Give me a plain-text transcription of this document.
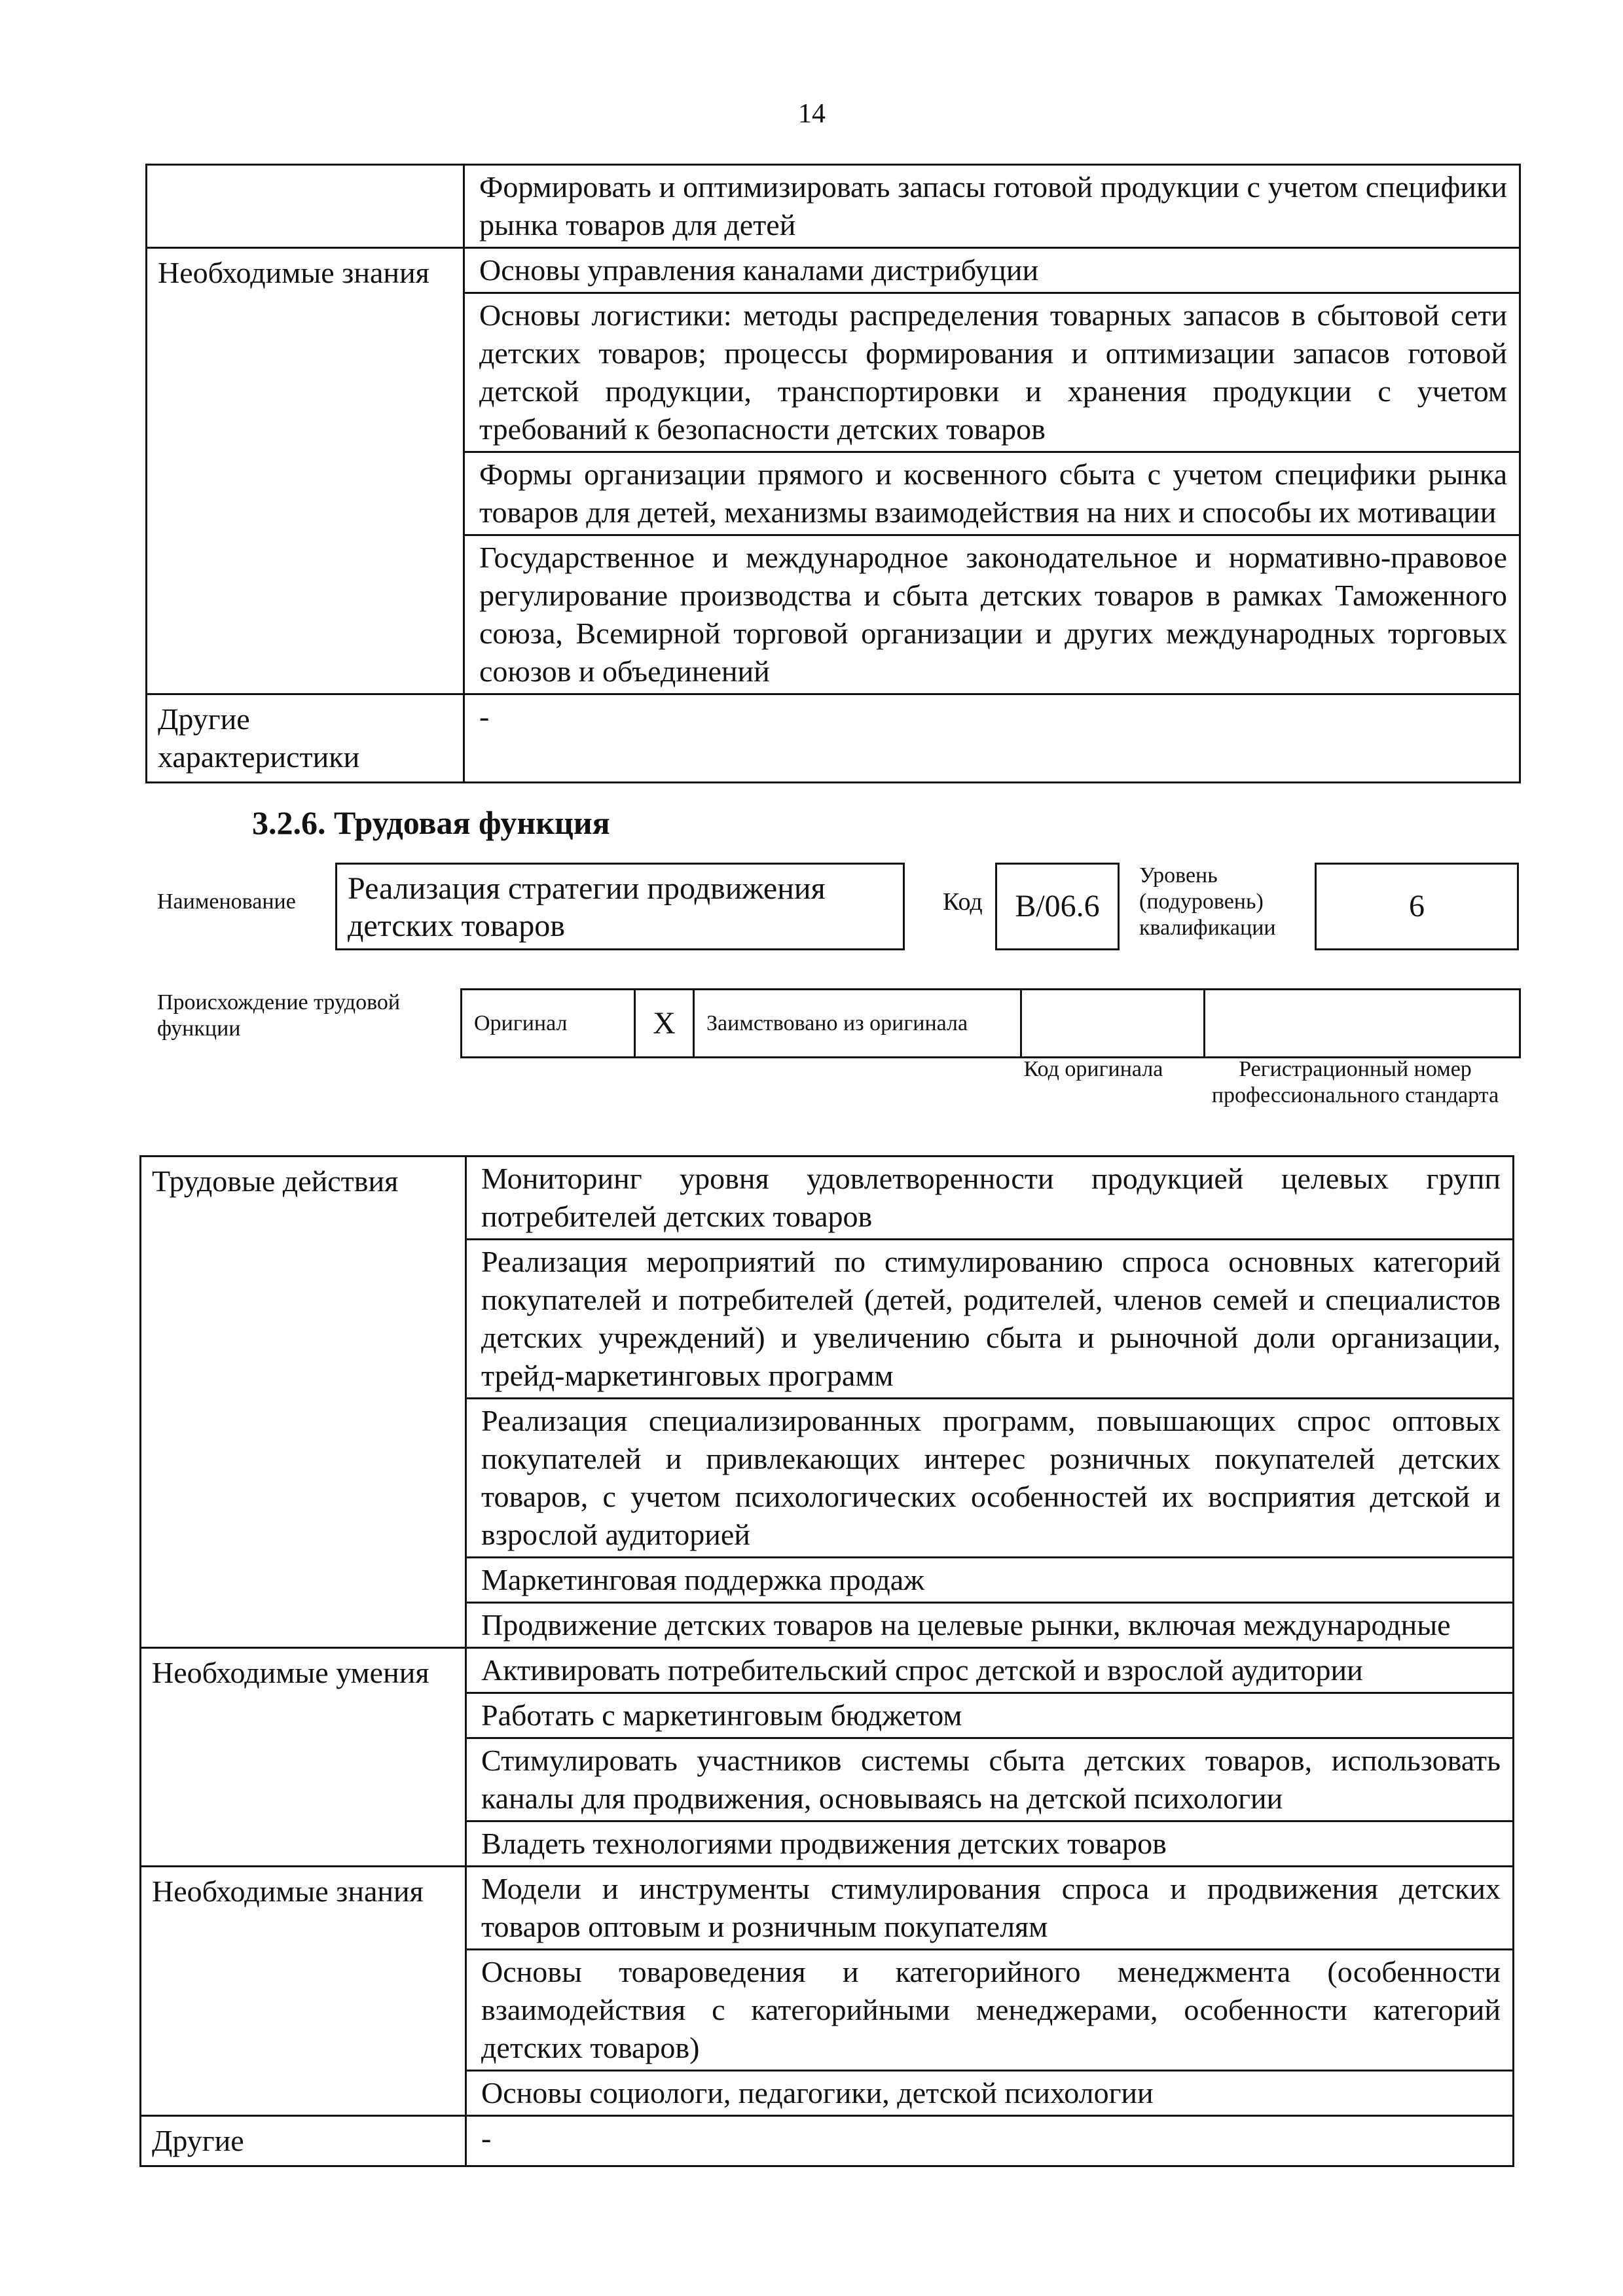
14
	Формировать и оптимизировать запасы готовой продукции с учетом специфики рынка товаров для детей
Необходимые знания	Основы управления каналами дистрибуции
	Основы логистики: методы распределения товарных запасов в сбытовой сети детских товаров; процессы формирования и оптимизации запасов готовой детской продукции, транспортировки и хранения продукции с учетом требований к безопасности детских товаров
	Формы организации прямого и косвенного сбыта с учетом специфики рынка товаров для детей, механизмы взаимодействия на них и способы их мотивации
	Государственное и международное законодательное и нормативно-правовое регулирование производства и сбыта детских товаров в рамках Таможенного союза, Всемирной торговой организации и других международных торговых союзов и объединений
Другие характеристики	-
3.2.6. Трудовая функция
Наименование	Реализация стратегии продвижения детских товаров
Код	B/06.6
Уровень (подуровень) квалификации
6
Происхождение трудовой функции	Оригинал	X	Заимствовано из оригинала		
Код оригинала	Регистрационный номер профессионального стандарта
Трудовые действия	Мониторинг уровня удовлетворенности продукцией целевых групп потребителей детских товаров
	Реализация мероприятий по стимулированию спроса основных категорий покупателей и потребителей (детей, родителей, членов семей и специалистов детских учреждений) и увеличению сбыта и рыночной доли организации, трейд-маркетинговых программ
	Реализация специализированных программ, повышающих спрос оптовых покупателей и привлекающих интерес розничных покупателей детских товаров, с учетом психологических особенностей их восприятия детской и взрослой аудиторией
	Маркетинговая поддержка продаж
	Продвижение детских товаров на целевые рынки, включая международные
Необходимые умения	Активировать потребительский спрос детской и взрослой аудитории
	Работать с маркетинговым бюджетом
	Стимулировать участников системы сбыта детских товаров, использовать каналы для продвижения, основываясь на детской психологии
	Владеть технологиями продвижения детских товаров
Необходимые знания	Модели и инструменты стимулирования спроса и продвижения детских товаров оптовым и розничным покупателям
	Основы товароведения и категорийного менеджмента (особенности взаимодействия с категорийными менеджерами, особенности категорий детских товаров)
	Основы социологи, педагогики, детской психологии
Другие	-
